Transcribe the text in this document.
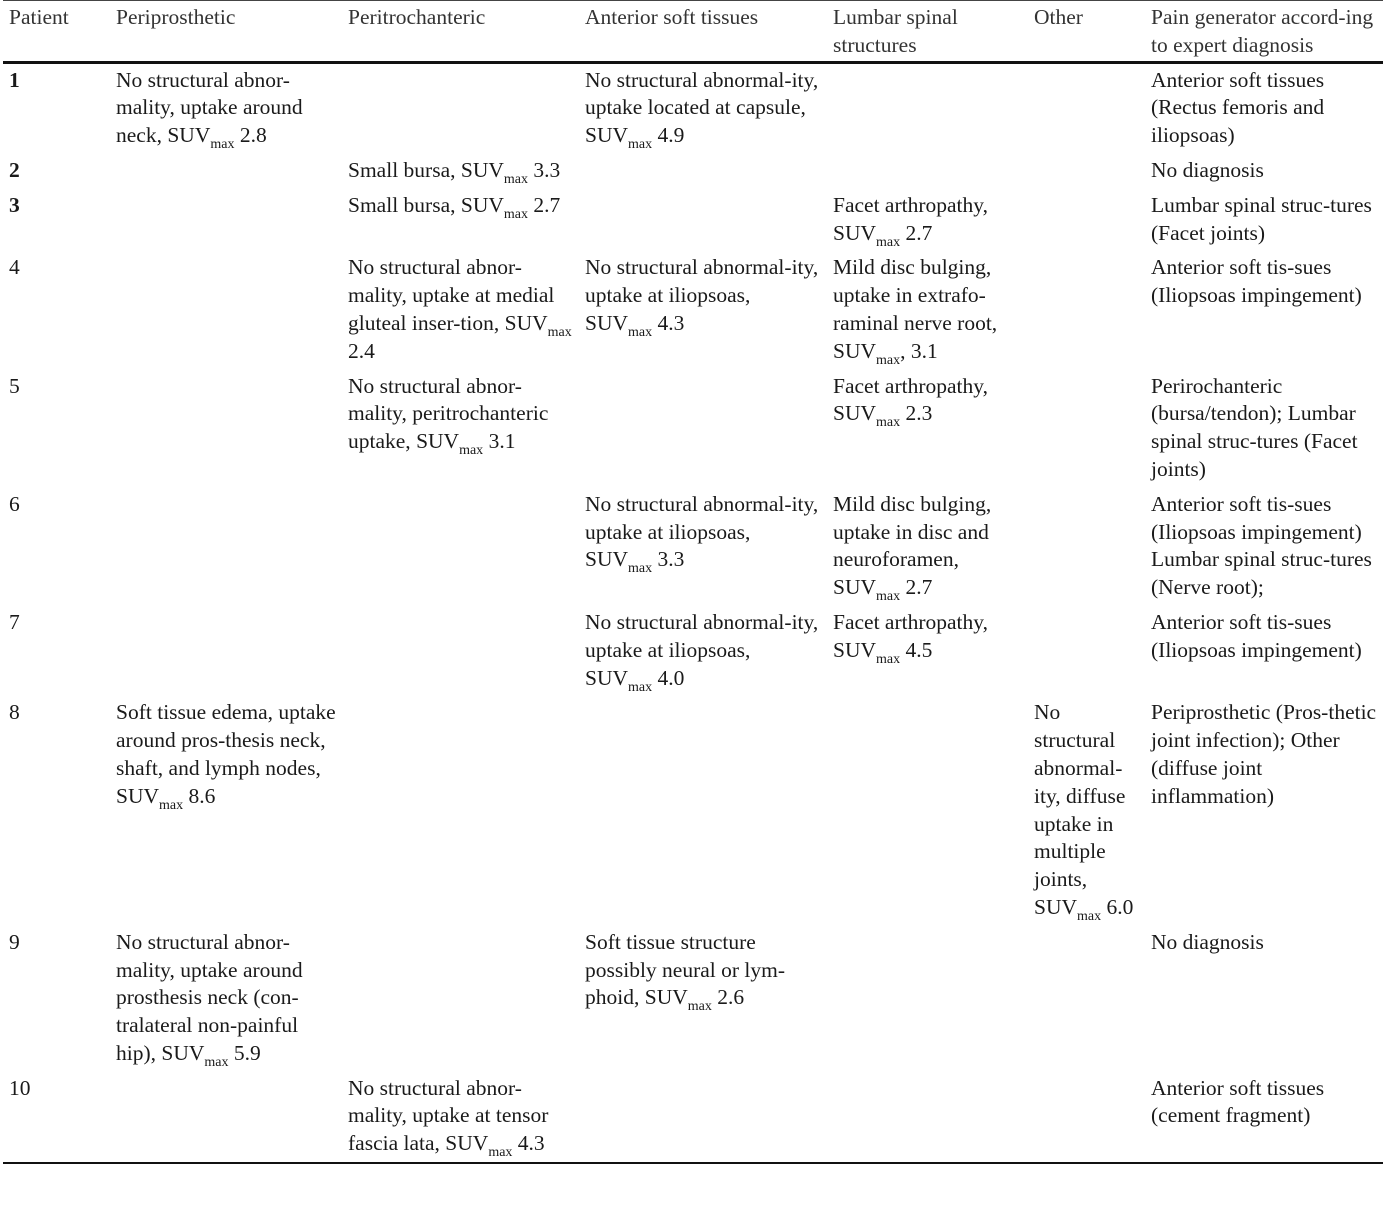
Patient	Periprosthetic	Peritrochanteric	Anterior soft tissues	Lumbar spinal structures	Other	Pain generator accord-ing to expert diagnosis
1	No structural abnor-mality, uptake around neck, $SUV_{max}$ 2.8		No structural abnormal-ity, uptake located at capsule, $SUV_{max}$ 4.9			Anterior soft tissues (Rectus femoris and iliopsoas)
2		Small bursa, $SUV_{max}$ 3.3				No diagnosis
3		Small bursa, $SUV_{max}$ 2.7		Facet arthropathy, $SUV_{max}$ 2.7		Lumbar spinal struc-tures (Facet joints)
4		No structural abnor-mality, uptake at medial gluteal inser-tion, $SUV_{max}$ 2.4	No structural abnormal-ity, uptake at iliopsoas, $SUV_{max}$ 4.3	Mild disc bulging, uptake in extrafo-raminal nerve root, $SUV_{max}$, 3.1		Anterior soft tis-sues (Iliopsoas impingement)
5		No structural abnor-mality, peritrochanteric uptake, $SUV_{max}$ 3.1		Facet arthropathy, $SUV_{max}$ 2.3		Perirochanteric (bursa/tendon); Lumbar spinal struc-tures (Facet joints)
6			No structural abnormal-ity, uptake at iliopsoas, $SUV_{max}$ 3.3	Mild disc bulging, uptake in disc and neuroforamen, $SUV_{max}$ 2.7		Anterior soft tis-sues (Iliopsoas impingement) Lumbar spinal struc-tures (Nerve root);
7			No structural abnormal-ity, uptake at iliopsoas, $SUV_{max}$ 4.0	Facet arthropathy, $SUV_{max}$ 4.5		Anterior soft tis-sues (Iliopsoas impingement)
8	Soft tissue edema, uptake around pros-thesis neck, shaft, and lymph nodes, $SUV_{max}$ 8.6				No structural abnormal-ity, diffuse uptake in multiple joints, $SUV_{max}$ 6.0	Periprosthetic (Pros-thetic joint infection); Other (diffuse joint inflammation)
9	No structural abnor-mality, uptake around prosthesis neck (con-tralateral non-painful hip), $SUV_{max}$ 5.9		Soft tissue structure possibly neural or lym-phoid, $SUV_{max}$ 2.6			No diagnosis
10		No structural abnor-mality, uptake at tensor fascia lata, $SUV_{max}$ 4.3				Anterior soft tissues (cement fragment)
